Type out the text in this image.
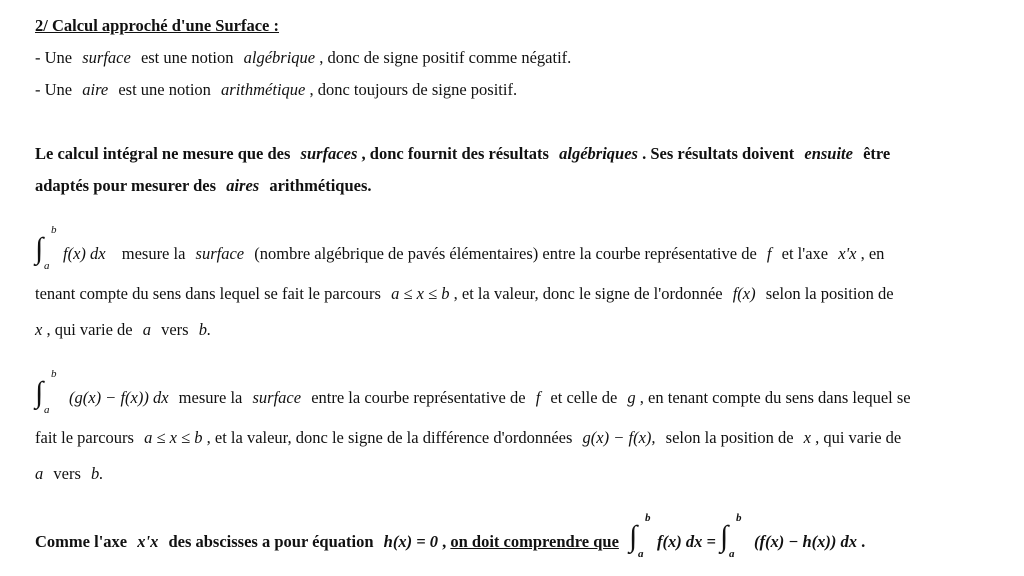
2/ Calcul approché d'une Surface :
- Une surface est une notion algébrique , donc de signe positif comme négatif.
- Une aire est une notion arithmétique , donc toujours de signe positif.
Le calcul intégral ne mesure que des surfaces , donc fournit des résultats algébriques . Ses résultats doivent ensuite être
adaptés pour mesurer des aires arithmétiques.
∫
b
a
f(x) dx mesure la surface (nombre algébrique de pavés élémentaires) entre la courbe représentative de f et l'axe x'x , en
tenant compte du sens dans lequel se fait le parcours a ≤ x ≤ b , et la valeur, donc le signe de l'ordonnée f(x) selon la position de
x , qui varie de a vers b.
∫
b
a
(g(x) − f(x)) dx mesure la surface entre la courbe représentative de f et celle de g , en tenant compte du sens dans lequel se
fait le parcours a ≤ x ≤ b , et la valeur, donc le signe de la différence d'ordonnées g(x) − f(x), selon la position de x , qui varie de
a vers b.
Comme l'axe x'x des abscisses a pour équation h(x) = 0 , on doit comprendre que ∫
b
a
f(x) dx = ∫
b
a
(f(x) − h(x)) dx .
